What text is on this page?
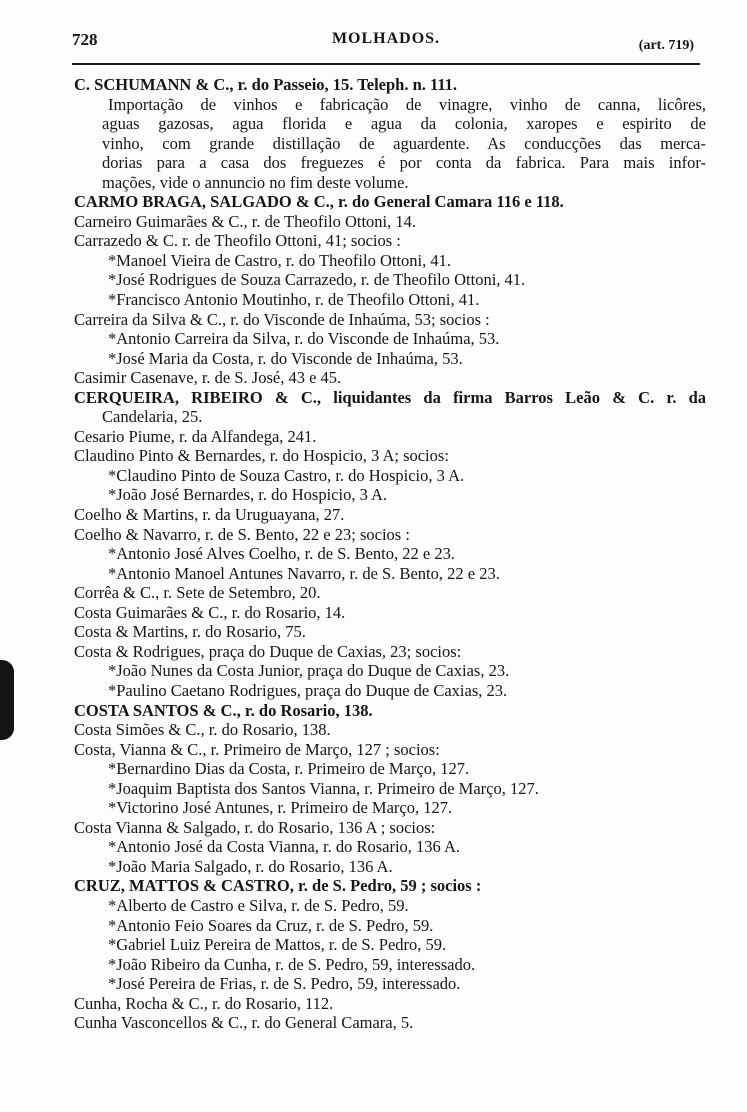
728	MOLHADOS.	(art. 719)
C. SCHUMANN & C., r. do Passeio, 15. Teleph. n. 111.
Importação de vinhos e fabricação de vinagre, vinho de canna, licôres,
aguas gazosas, agua florida e agua da colonia, xaropes e espirito de
vinho, com grande distillação de aguardente. As conducções das merca-
dorias para a casa dos freguezes é por conta da fabrica. Para mais infor-
mações, vide o annuncio no fim deste volume.
CARMO BRAGA, SALGADO & C., r. do General Camara 116 e 118.
Carneiro Guimarães & C., r. de Theofilo Ottoni, 14.
Carrazedo & C. r. de Theofilo Ottoni, 41; socios :
*Manoel Vieira de Castro, r. do Theofilo Ottoni, 41.
*José Rodrigues de Souza Carrazedo, r. de Theofilo Ottoni, 41.
*Francisco Antonio Moutinho, r. de Theofilo Ottoni, 41.
Carreira da Silva & C., r. do Visconde de Inhaúma, 53; socios :
*Antonio Carreira da Silva, r. do Visconde de Inhaúma, 53.
*José Maria da Costa, r. do Visconde de Inhaúma, 53.
Casimir Casenave, r. de S. José, 43 e 45.
CERQUEIRA, RIBEIRO & C., liquidantes da firma Barros Leão & C. r. da
Candelaria, 25.
Cesario Piume, r. da Alfandega, 241.
Claudino Pinto & Bernardes, r. do Hospicio, 3 A; socios:
*Claudino Pinto de Souza Castro, r. do Hospicio, 3 A.
*João José Bernardes, r. do Hospicio, 3 A.
Coelho & Martins, r. da Uruguayana, 27.
Coelho & Navarro, r. de S. Bento, 22 e 23; socios :
*Antonio José Alves Coelho, r. de S. Bento, 22 e 23.
*Antonio Manoel Antunes Navarro, r. de S. Bento, 22 e 23.
Corrêa & C., r. Sete de Setembro, 20.
Costa Guimarães & C., r. do Rosario, 14.
Costa & Martins, r. do Rosario, 75.
Costa & Rodrigues, praça do Duque de Caxias, 23; socios:
*João Nunes da Costa Junior, praça do Duque de Caxias, 23.
*Paulino Caetano Rodrigues, praça do Duque de Caxias, 23.
COSTA SANTOS & C., r. do Rosario, 138.
Costa Simões & C., r. do Rosario, 138.
Costa, Vianna & C., r. Primeiro de Março, 127 ; socios:
*Bernardino Dias da Costa, r. Primeiro de Março, 127.
*Joaquim Baptista dos Santos Vianna, r. Primeiro de Março, 127.
*Victorino José Antunes, r. Primeiro de Março, 127.
Costa Vianna & Salgado, r. do Rosario, 136 A ; socios:
*Antonio José da Costa Vianna, r. do Rosario, 136 A.
*João Maria Salgado, r. do Rosario, 136 A.
CRUZ, MATTOS & CASTRO, r. de S. Pedro, 59 ; socios :
*Alberto de Castro e Silva, r. de S. Pedro, 59.
*Antonio Feio Soares da Cruz, r. de S. Pedro, 59.
*Gabriel Luiz Pereira de Mattos, r. de S. Pedro, 59.
*João Ribeiro da Cunha, r. de S. Pedro, 59, interessado.
*José Pereira de Frias, r. de S. Pedro, 59, interessado.
Cunha, Rocha & C., r. do Rosario, 112.
Cunha Vasconcellos & C., r. do General Camara, 5.
